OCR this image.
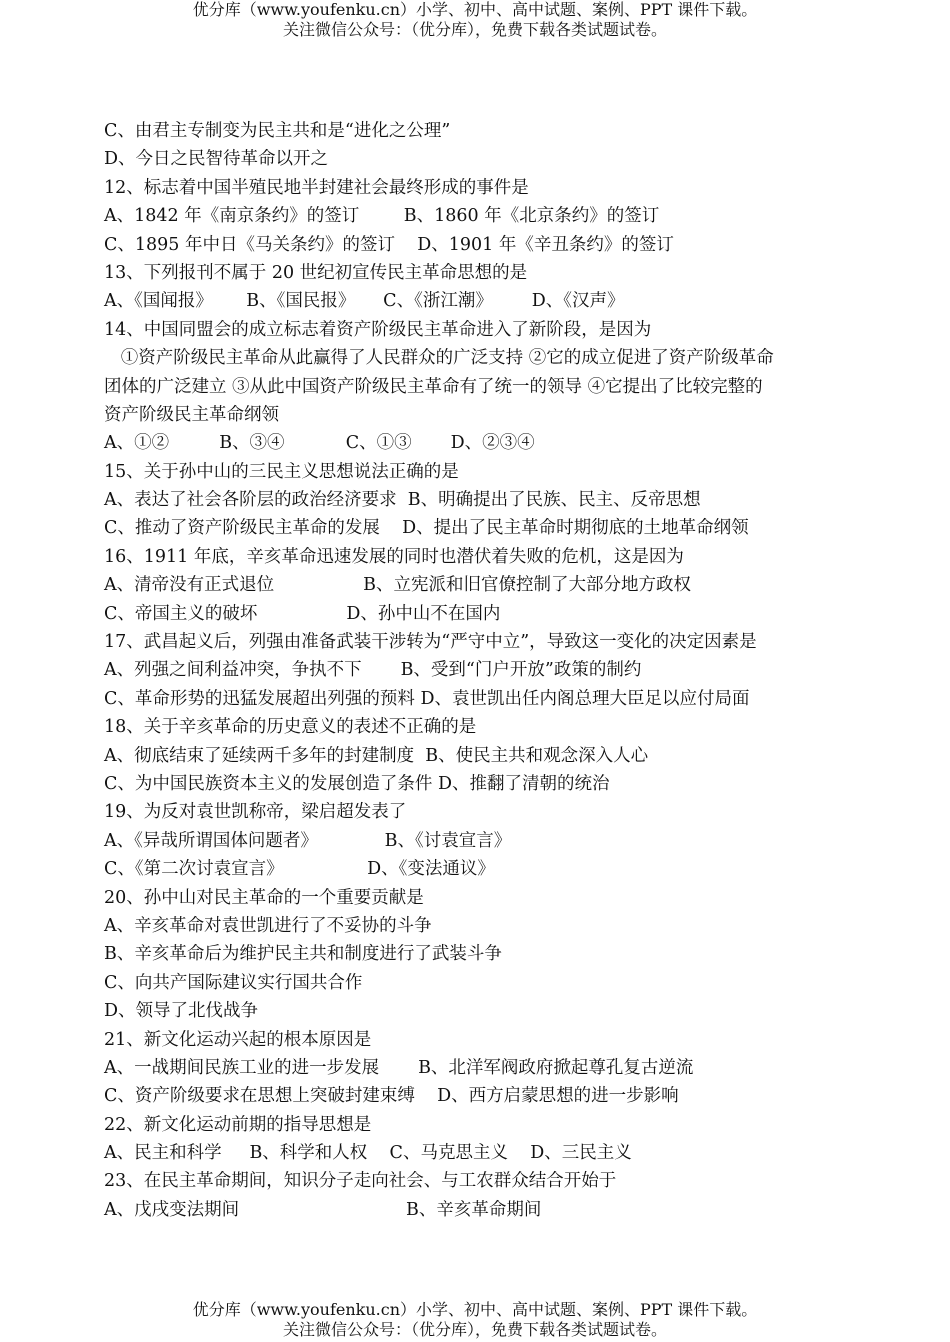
优分库（www.youfenku.cn）小学、初中、高中试题、案例、PPT 课件下载。
关注微信公众号：（优分库），免费下载各类试题试卷。
C、由君主专制变为民主共和是“进化之公理”
D、今日之民智待革命以开之
12、标志着中国半殖民地半封建社会最终形成的事件是
A、1842 年《南京条约》的签订        B、1860 年《北京条约》的签订
C、1895 年中日《马关条约》的签订    D、1901 年《辛丑条约》的签订
13、下列报刊不属于 20 世纪初宣传民主革命思想的是
A、《国闻报》      B、《国民报》     C、《浙江潮》       D、《汉声》
14、中国同盟会的成立标志着资产阶级民主革命进入了新阶段，是因为
①资产阶级民主革命从此赢得了人民群众的广泛支持 ②它的成立促进了资产阶级革命
团体的广泛建立 ③从此中国资产阶级民主革命有了统一的领导 ④它提出了比较完整的
资产阶级民主革命纲领
A、①②         B、③④           C、①③       D、②③④
15、关于孙中山的三民主义思想说法正确的是
A、表达了社会各阶层的政治经济要求  B、明确提出了民族、民主、反帝思想
C、推动了资产阶级民主革命的发展    D、提出了民主革命时期彻底的土地革命纲领
16、1911 年底，辛亥革命迅速发展的同时也潜伏着失败的危机，这是因为
A、清帝没有正式退位                B、立宪派和旧官僚控制了大部分地方政权
C、帝国主义的破坏                D、孙中山不在国内
17、武昌起义后，列强由准备武装干涉转为“严守中立”，导致这一变化的决定因素是
A、列强之间利益冲突，争执不下       B、受到“门户开放”政策的制约
C、革命形势的迅猛发展超出列强的预料 D、袁世凯出任内阁总理大臣足以应付局面
18、关于辛亥革命的历史意义的表述不正确的是
A、彻底结束了延续两千多年的封建制度  B、使民主共和观念深入人心
C、为中国民族资本主义的发展创造了条件 D、推翻了清朝的统治
19、为反对袁世凯称帝，梁启超发表了
A、《异哉所谓国体问题者》            B、《讨袁宣言》
C、《第二次讨袁宣言》               D、《变法通议》
20、孙中山对民主革命的一个重要贡献是
A、辛亥革命对袁世凯进行了不妥协的斗争
B、辛亥革命后为维护民主共和制度进行了武装斗争
C、向共产国际建议实行国共合作
D、领导了北伐战争
21、新文化运动兴起的根本原因是
A、一战期间民族工业的进一步发展       B、北洋军阀政府掀起尊孔复古逆流
C、资产阶级要求在思想上突破封建束缚    D、西方启蒙思想的进一步影响
22、新文化运动前期的指导思想是
A、民主和科学     B、科学和人权    C、马克思主义    D、三民主义
23、在民主革命期间，知识分子走向社会、与工农群众结合开始于
A、戊戌变法期间                              B、辛亥革命期间
优分库（www.youfenku.cn）小学、初中、高中试题、案例、PPT 课件下载。
关注微信公众号：（优分库），免费下载各类试题试卷。
